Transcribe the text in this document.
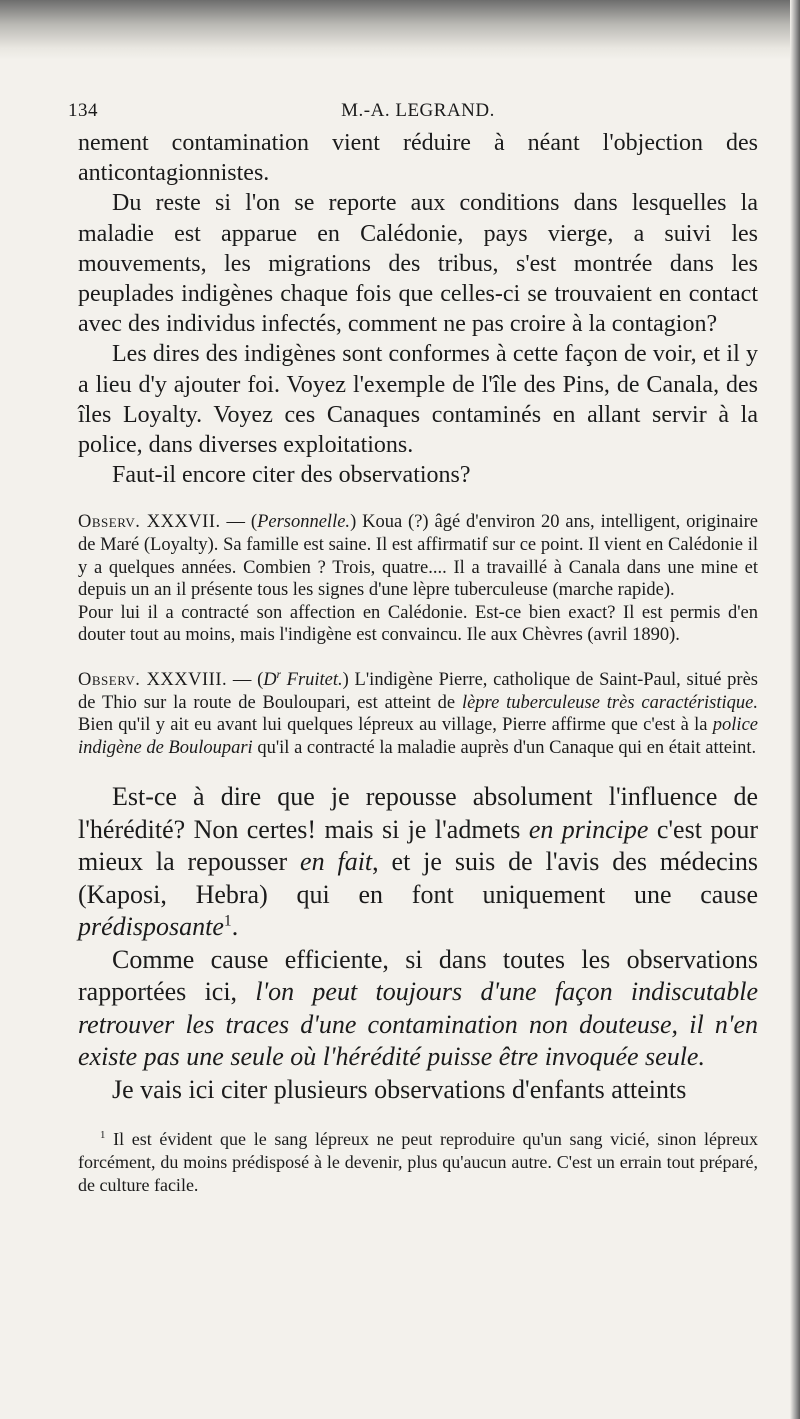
134	M.-A. LEGRAND.

nement contamination vient réduire à néant l'objection des anticontagionnistes.

Du reste si l'on se reporte aux conditions dans lesquelles la maladie est apparue en Calédonie, pays vierge, a suivi les mouvements, les migrations des tribus, s'est montrée dans les peuplades indigènes chaque fois que celles-ci se trouvaient en contact avec des individus infectés, comment ne pas croire à la contagion?

Les dires des indigènes sont conformes à cette façon de voir, et il y a lieu d'y ajouter foi. Voyez l'exemple de l'île des Pins, de Canala, des îles Loyalty. Voyez ces Canaques contaminés en allant servir à la police, dans diverses exploitations.

Faut-il encore citer des observations?

Observ. XXXVII. — (Personnelle.) Koua (?) âgé d'environ 20 ans, intelligent, originaire de Maré (Loyalty). Sa famille est saine. Il est affirmatif sur ce point. Il vient en Calédonie il y a quelques années. Combien ? Trois, quatre.... Il a travaillé à Canala dans une mine et depuis un an il présente tous les signes d'une lèpre tuberculeuse (marche rapide).

Pour lui il a contracté son affection en Calédonie. Est-ce bien exact? Il est permis d'en douter tout au moins, mais l'indigène est convaincu. Ile aux Chèvres (avril 1890).

Observ. XXXVIII. — ($D^r$ Fruitet.) L'indigène Pierre, catholique de Saint-Paul, situé près de Thio sur la route de Bouloupari, est atteint de lèpre tuberculeuse très caractéristique. Bien qu'il y ait eu avant lui quelques lépreux au village, Pierre affirme que c'est à la police indigène de Bouloupari qu'il a contracté la maladie auprès d'un Canaque qui en était atteint.

Est-ce à dire que je repousse absolument l'influence de l'hérédité? Non certes! mais si je l'admets en principe c'est pour mieux la repousser en fait, et je suis de l'avis des médecins (Kaposi, Hebra) qui en font uniquement une cause prédisposante$^1$.

Comme cause efficiente, si dans toutes les observations rapportées ici, l'on peut toujours d'une façon indiscutable retrouver les traces d'une contamination non douteuse, il n'en existe pas une seule où l'hérédité puisse être invoquée seule.

Je vais ici citer plusieurs observations d'enfants atteints

$^1$ Il est évident que le sang lépreux ne peut reproduire qu'un sang vicié, sinon lépreux forcément, du moins prédisposé à le devenir, plus qu'aucun autre. C'est un errain tout préparé, de culture facile.
